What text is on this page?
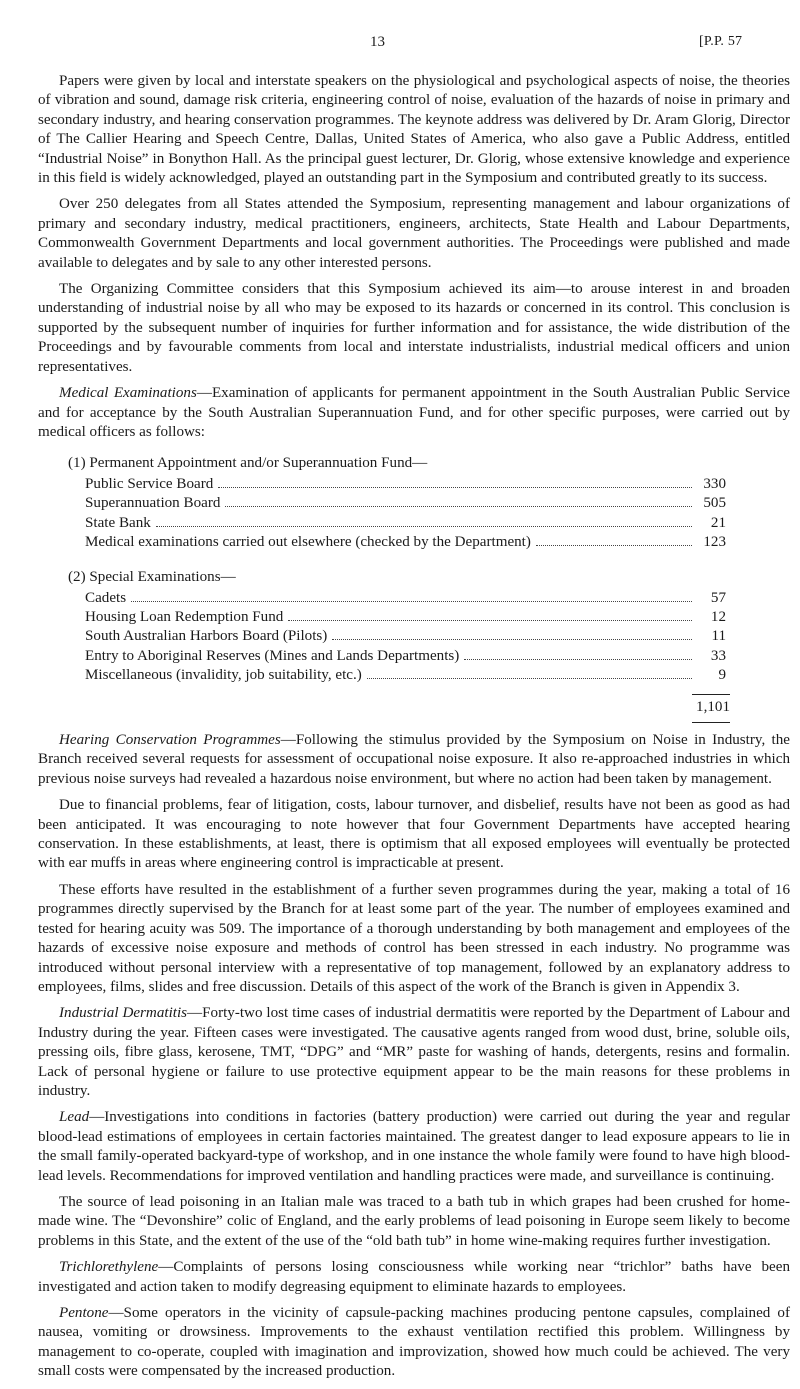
13	[P.P. 57

Papers were given by local and interstate speakers on the physiological and psychological aspects of noise, the theories of vibration and sound, damage risk criteria, engineering control of noise, evaluation of the hazards of noise in primary and secondary industry, and hearing conservation programmes. The keynote address was delivered by Dr. Aram Glorig, Director of The Callier Hearing and Speech Centre, Dallas, United States of America, who also gave a Public Address, entitled “Industrial Noise” in Bonython Hall. As the principal guest lecturer, Dr. Glorig, whose extensive knowledge and experience in this field is widely acknowledged, played an outstanding part in the Symposium and contributed greatly to its success.

Over 250 delegates from all States attended the Symposium, representing management and labour organizations of primary and secondary industry, medical practitioners, engineers, architects, State Health and Labour Departments, Commonwealth Government Departments and local government authorities. The Proceedings were published and made available to delegates and by sale to any other interested persons.

The Organizing Committee considers that this Symposium achieved its aim—to arouse interest in and broaden understanding of industrial noise by all who may be exposed to its hazards or concerned in its control. This conclusion is supported by the subsequent number of inquiries for further information and for assistance, the wide distribution of the Proceedings and by favourable comments from local and interstate industrialists, industrial medical officers and union representatives.

Medical Examinations—Examination of applicants for permanent appointment in the South Australian Public Service and for acceptance by the South Australian Superannuation Fund, and for other specific purposes, were carried out by medical officers as follows:

(1) Permanent Appointment and/or Superannuation Fund—
Public Service Board	330
Superannuation Board	505
State Bank	21
Medical examinations carried out elsewhere (checked by the Department)	123
(2) Special Examinations—
Cadets	57
Housing Loan Redemption Fund	12
South Australian Harbors Board (Pilots)	11
Entry to Aboriginal Reserves (Mines and Lands Departments)	33
Miscellaneous (invalidity, job suitability, etc.)	9
1,101

Hearing Conservation Programmes—Following the stimulus provided by the Symposium on Noise in Industry, the Branch received several requests for assessment of occupational noise exposure. It also re-approached industries in which previous noise surveys had revealed a hazardous noise environment, but where no action had been taken by management.

Due to financial problems, fear of litigation, costs, labour turnover, and disbelief, results have not been as good as had been anticipated. It was encouraging to note however that four Government Departments have accepted hearing conservation. In these establishments, at least, there is optimism that all exposed employees will eventually be protected with ear muffs in areas where engineering control is impracticable at present.

These efforts have resulted in the establishment of a further seven programmes during the year, making a total of 16 programmes directly supervised by the Branch for at least some part of the year. The number of employees examined and tested for hearing acuity was 509. The importance of a thorough understanding by both management and employees of the hazards of excessive noise exposure and methods of control has been stressed in each industry. No programme was introduced without personal interview with a representative of top management, followed by an explanatory address to employees, films, slides and free discussion. Details of this aspect of the work of the Branch is given in Appendix 3.

Industrial Dermatitis—Forty-two lost time cases of industrial dermatitis were reported by the Department of Labour and Industry during the year. Fifteen cases were investigated. The causative agents ranged from wood dust, brine, soluble oils, pressing oils, fibre glass, kerosene, TMT, “DPG” and “MR” paste for washing of hands, detergents, resins and formalin. Lack of personal hygiene or failure to use protective equipment appear to be the main reasons for these problems in industry.

Lead—Investigations into conditions in factories (battery production) were carried out during the year and regular blood-lead estimations of employees in certain factories maintained. The greatest danger to lead exposure appears to lie in the small family-operated backyard-type of workshop, and in one instance the whole family were found to have high blood-lead levels. Recommendations for improved ventilation and handling practices were made, and surveillance is continuing.

The source of lead poisoning in an Italian male was traced to a bath tub in which grapes had been crushed for home-made wine. The “Devonshire” colic of England, and the early problems of lead poisoning in Europe seem likely to become problems in this State, and the extent of the use of the “old bath tub” in home wine-making requires further investigation.

Trichlorethylene—Complaints of persons losing consciousness while working near “trichlor” baths have been investigated and action taken to modify degreasing equipment to eliminate hazards to employees.

Pentone—Some operators in the vicinity of capsule-packing machines producing pentone capsules, complained of nausea, vomiting or drowsiness. Improvements to the exhaust ventilation rectified this problem. Willingness by management to co-operate, coupled with imagination and improvization, showed how much could be achieved. The very small costs were compensated by the increased production.
